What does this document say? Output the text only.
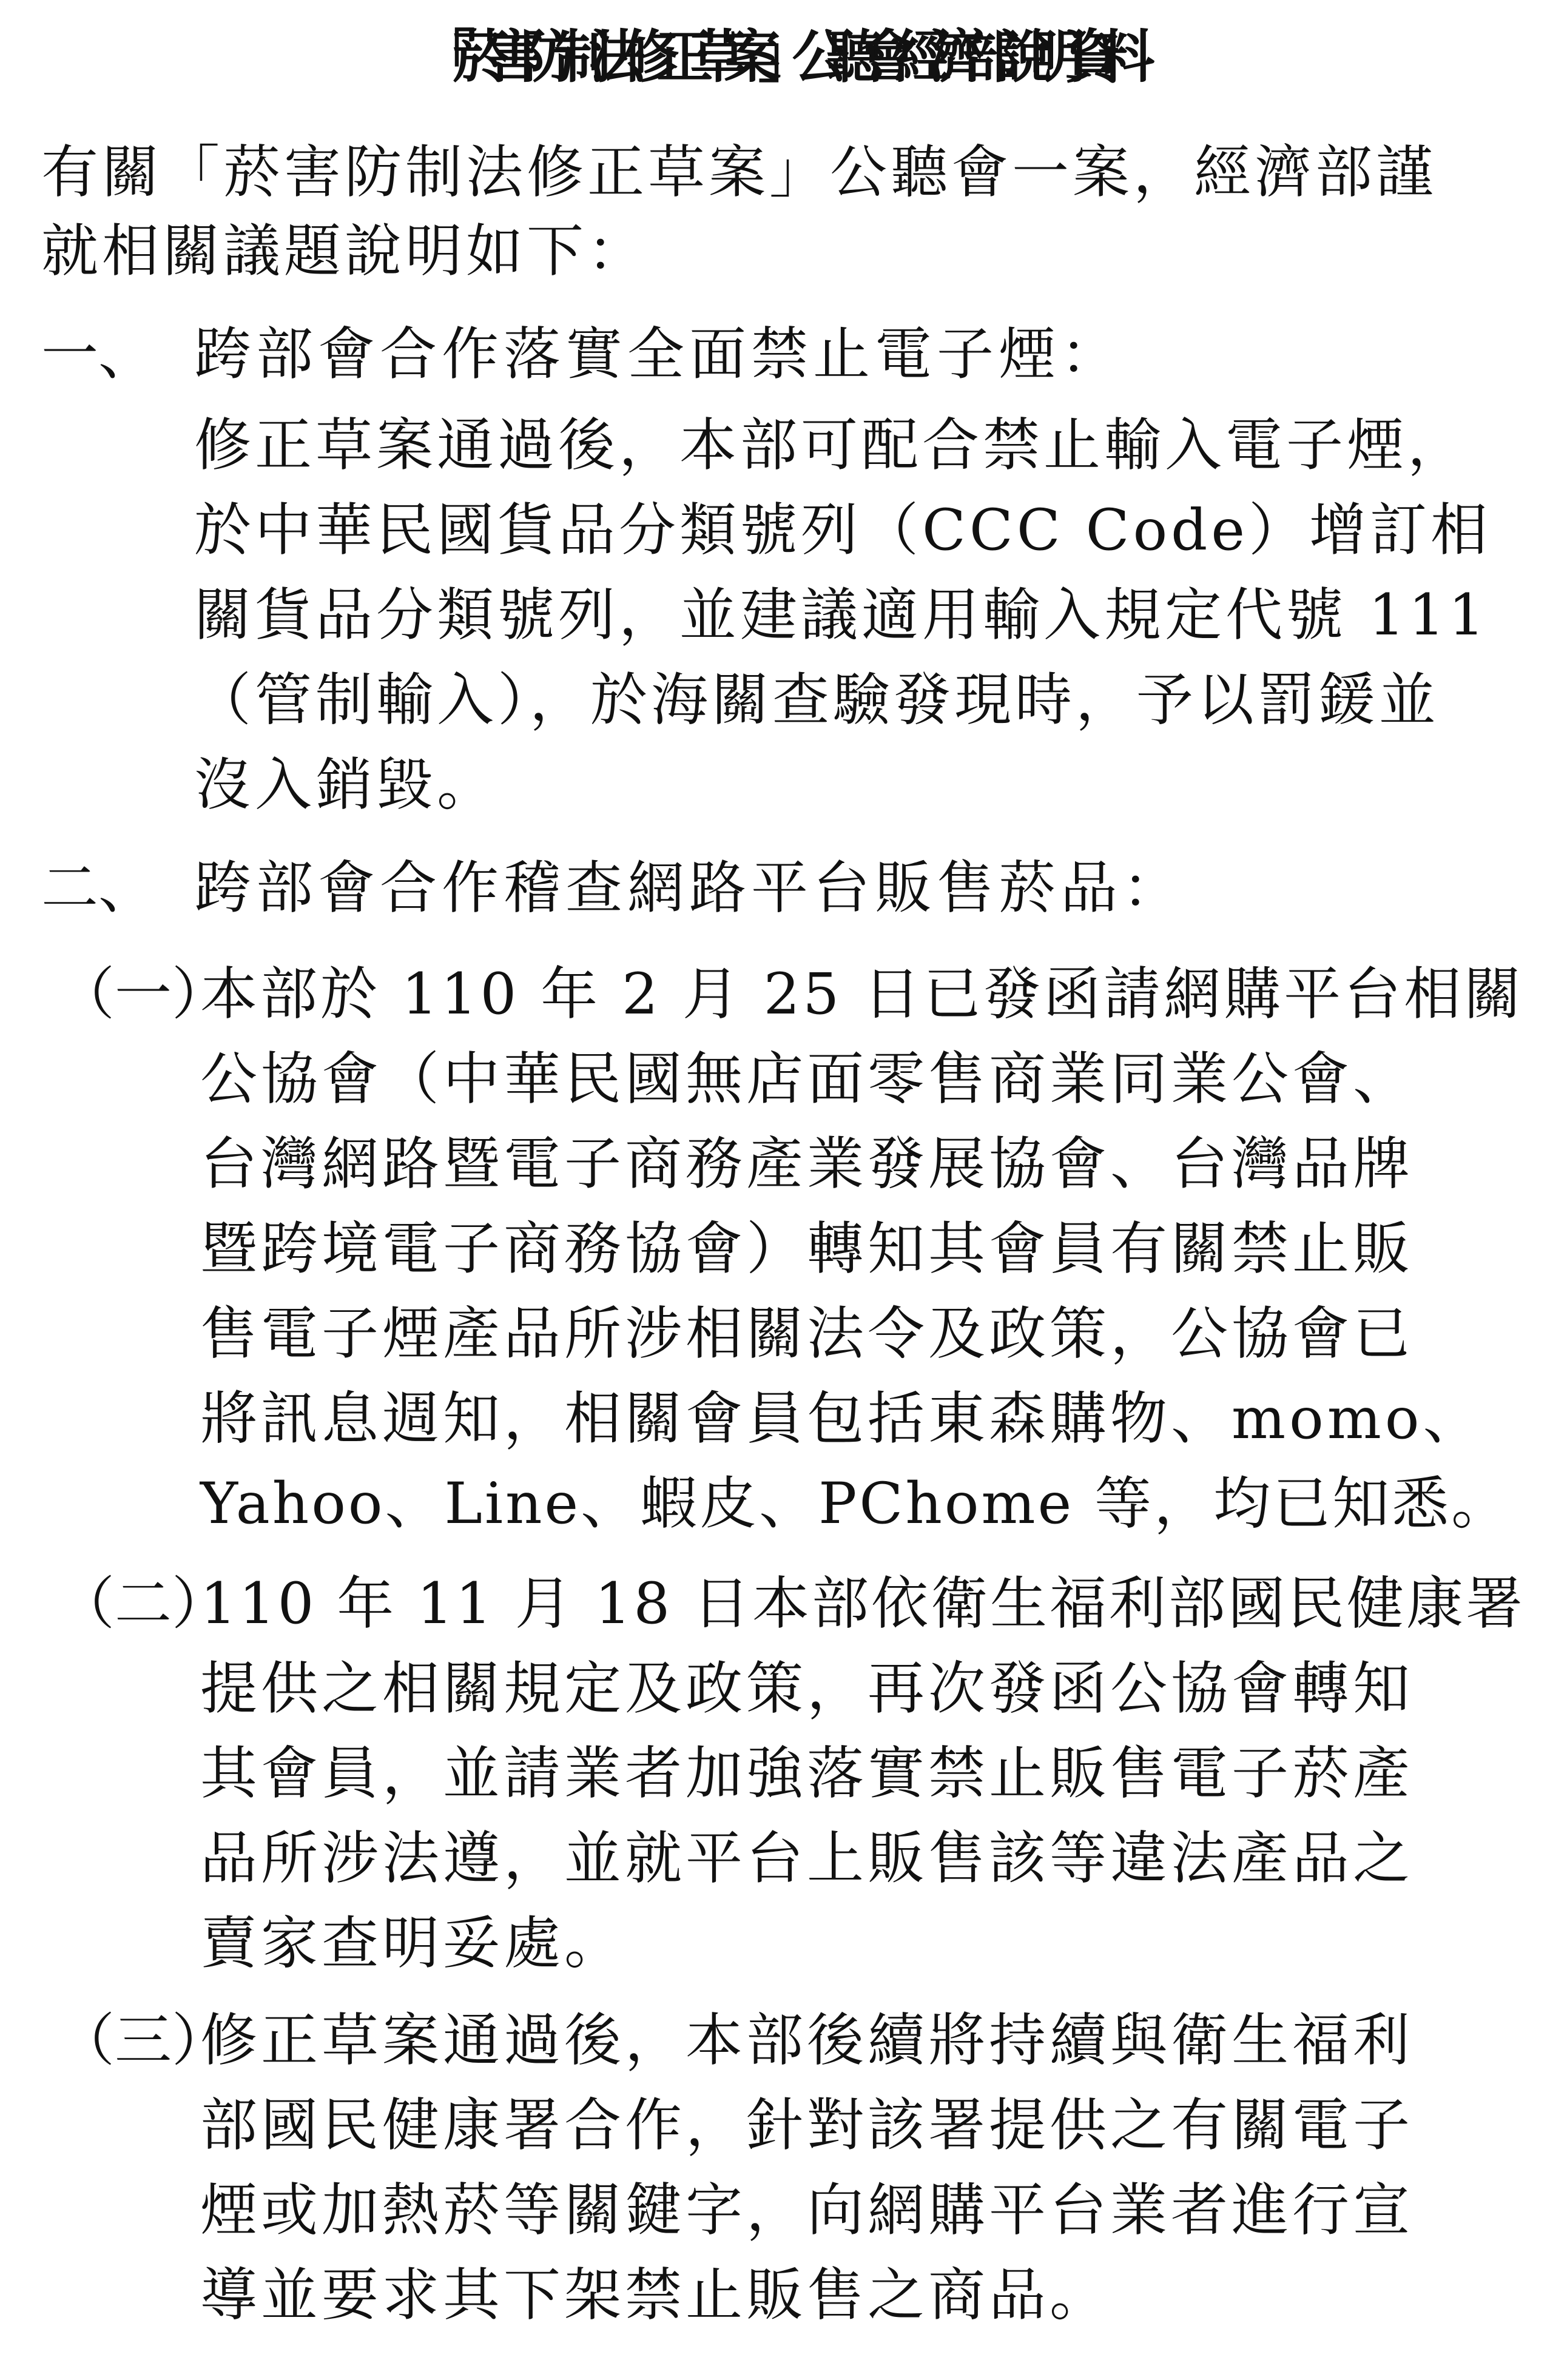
「菸害防制法修正草案」公聽會經濟部說明資料
有關「菸害防制法修正草案」公聽會一案，經濟部謹
就相關議題說明如下：
一、 跨部會合作落實全面禁止電子煙：
修正草案通過後，本部可配合禁止輸入電子煙，
於中華民國貨品分類號列（CCC Code）增訂相
關貨品分類號列，並建議適用輸入規定代號 111
（管制輸入），於海關查驗發現時，予以罰鍰並
沒入銷毀。
二、 跨部會合作稽查網路平台販售菸品：
（一）
本部於 110 年 2 月 25 日已發函請網購平台相關
公協會（中華民國無店面零售商業同業公會、
台灣網路暨電子商務產業發展協會、台灣品牌
暨跨境電子商務協會）轉知其會員有關禁止販
售電子煙產品所涉相關法令及政策，公協會已
將訊息週知，相關會員包括東森購物、momo、
Yahoo、Line、蝦皮、PChome 等，均已知悉。
（二）
110 年 11 月 18 日本部依衛生福利部國民健康署
提供之相關規定及政策，再次發函公協會轉知
其會員，並請業者加強落實禁止販售電子菸產
品所涉法遵，並就平台上販售該等違法產品之
賣家查明妥處。
（三）
修正草案通過後，本部後續將持續與衛生福利
部國民健康署合作，針對該署提供之有關電子
煙或加熱菸等關鍵字，向網購平台業者進行宣
導並要求其下架禁止販售之商品。
